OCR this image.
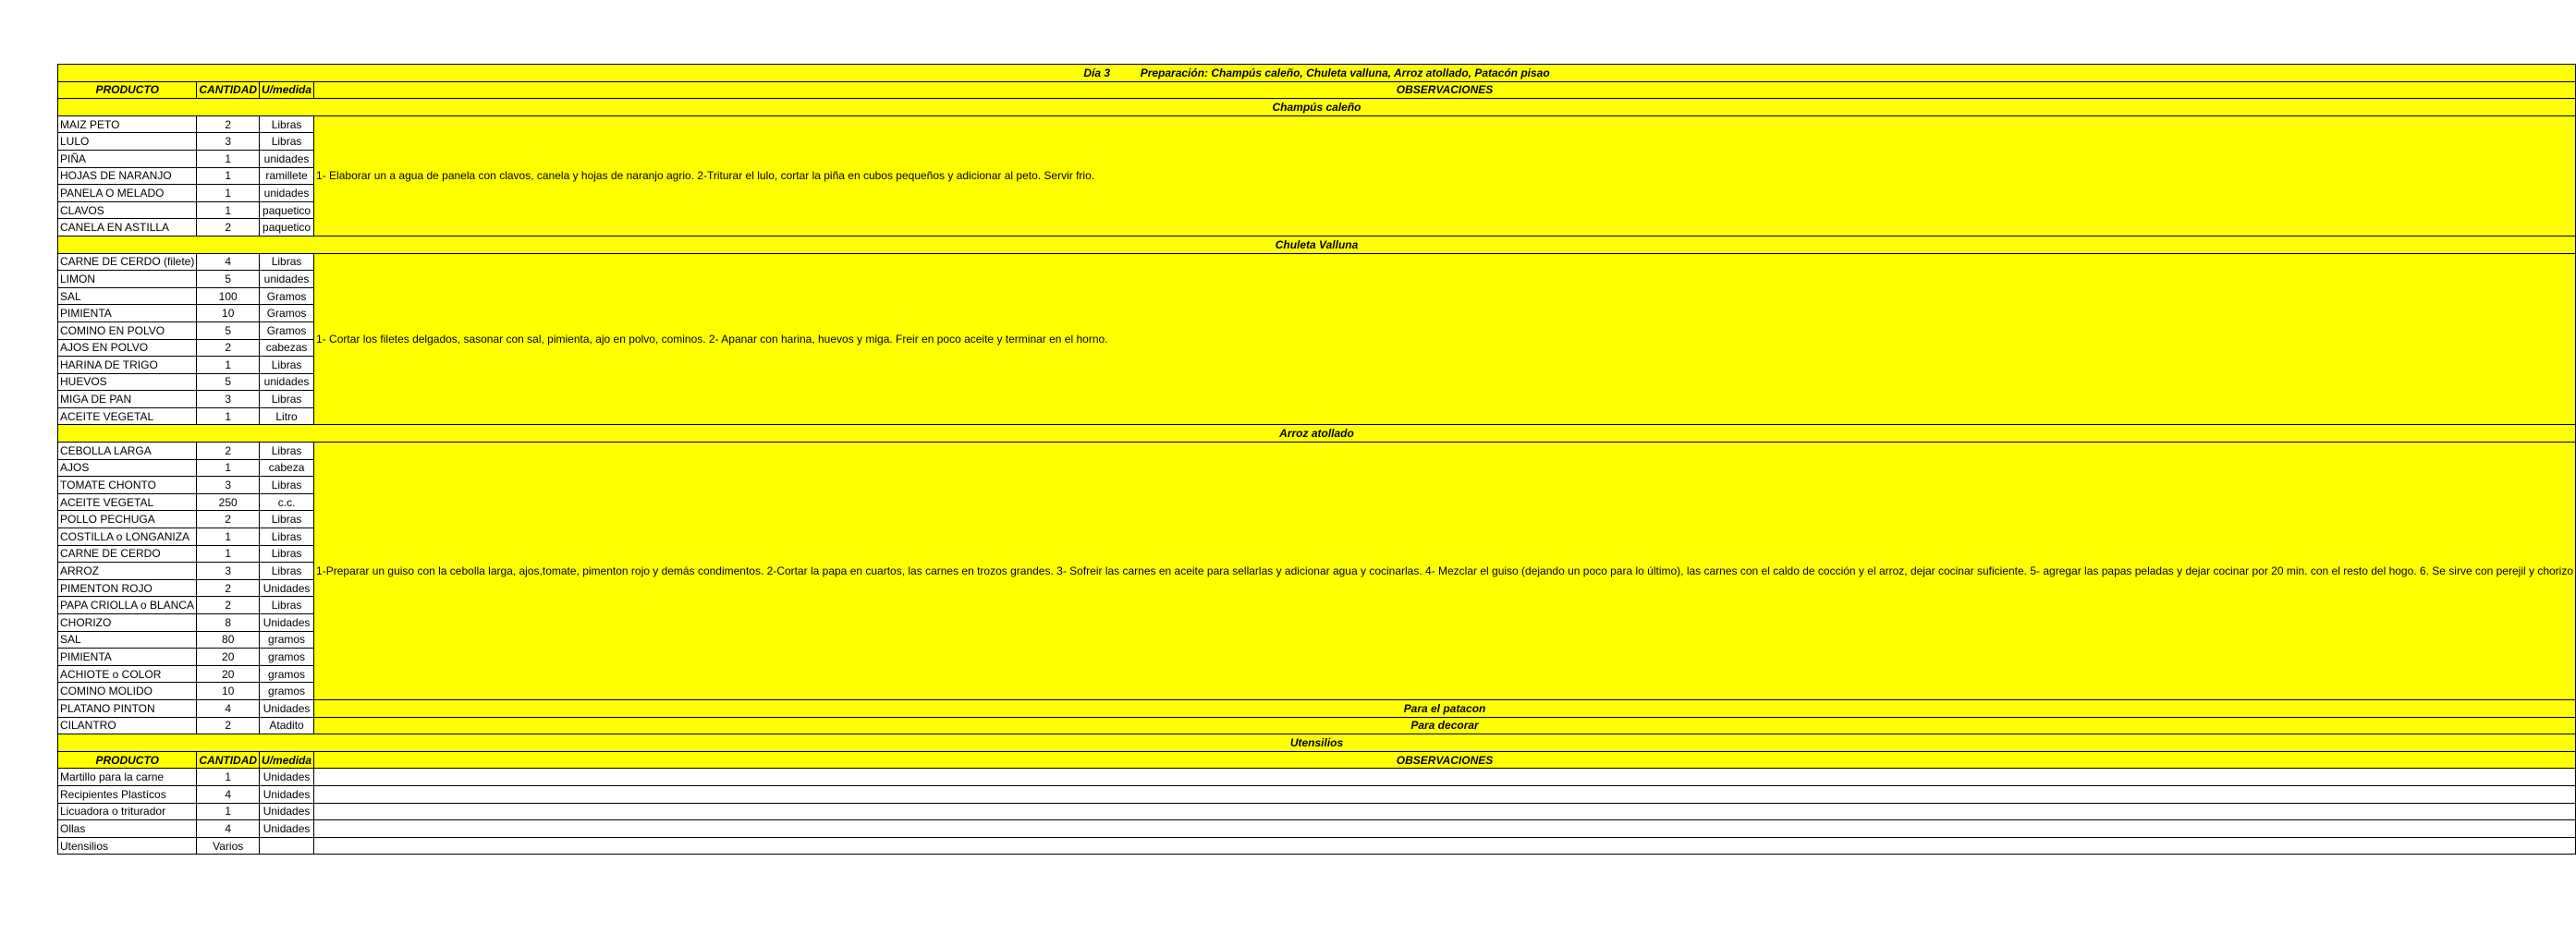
Día 3 Preparación: Champús caleño, Chuleta valluna, Arroz atollado, Patacón pisao			
PRODUCTO	CANTIDAD	U/medida	OBSERVACIONES
Champús caleño			
MAIZ PETO	2	Libras	1- Elaborar un a agua de panela con clavos, canela y hojas de naranjo agrio. 2-Triturar el lulo, cortar la piña en cubos pequeños y adicionar al peto. Servir frio.
LULO	3	Libras	
PIÑA	1	unidades	
HOJAS DE NARANJO	1	ramillete	
PANELA O MELADO	1	unidades	
CLAVOS	1	paquetico	
CANELA EN ASTILLA	2	paquetico	
Chuleta Valluna			
CARNE DE CERDO (filete)	4	Libras	1- Cortar los filetes delgados, sasonar con sal, pimienta, ajo en polvo, cominos. 2- Apanar con harina, huevos y miga. Freir en poco aceite y terminar en el horno.
LIMON	5	unidades	
SAL	100	Gramos	
PIMIENTA	10	Gramos	
COMINO EN POLVO	5	Gramos	
AJOS EN POLVO	2	cabezas	
HARINA DE TRIGO	1	Libras	
HUEVOS	5	unidades	
MIGA DE PAN	3	Libras	
ACEITE VEGETAL	1	Litro	
Arroz atollado			
CEBOLLA LARGA	2	Libras	1-Preparar un guiso con la cebolla larga, ajos,tomate, pimenton rojo y demás condimentos. 2-Cortar la papa en cuartos, las carnes en trozos grandes. 3- Sofreir las carnes en aceite para sellarlas y adicionar agua y cocinarlas. 4- Mezclar el guiso (dejando un poco para lo último), las carnes con el caldo de cocción y el arroz, dejar cocinar suficiente. 5- agregar las papas peladas y dejar cocinar por 20 min. con el resto del hogo. 6. Se sirve con perejil y chorizo
AJOS	1	cabeza	
TOMATE CHONTO	3	Libras	
ACEITE VEGETAL	250	c.c.	
POLLO PECHUGA	2	Libras	
COSTILLA o LONGANIZA	1	Libras	
CARNE DE CERDO	1	Libras	
ARROZ	3	Libras	
PIMENTON ROJO	2	Unidades	
PAPA CRIOLLA o BLANCA	2	Libras	
CHORIZO	8	Unidades	
SAL	80	gramos	
PIMIENTA	20	gramos	
ACHIOTE o COLOR	20	gramos	
COMINO MOLIDO	10	gramos	
PLATANO PINTON	4	Unidades	Para el patacon
CILANTRO	2	Atadito	Para decorar
Utensilios			
PRODUCTO	CANTIDAD	U/medida	OBSERVACIONES
Martillo para la carne	1	Unidades	
Recipientes Plastícos	4	Unidades	
Licuadora o triturador	1	Unidades	
Ollas	4	Unidades	
Utensilios	Varios		
